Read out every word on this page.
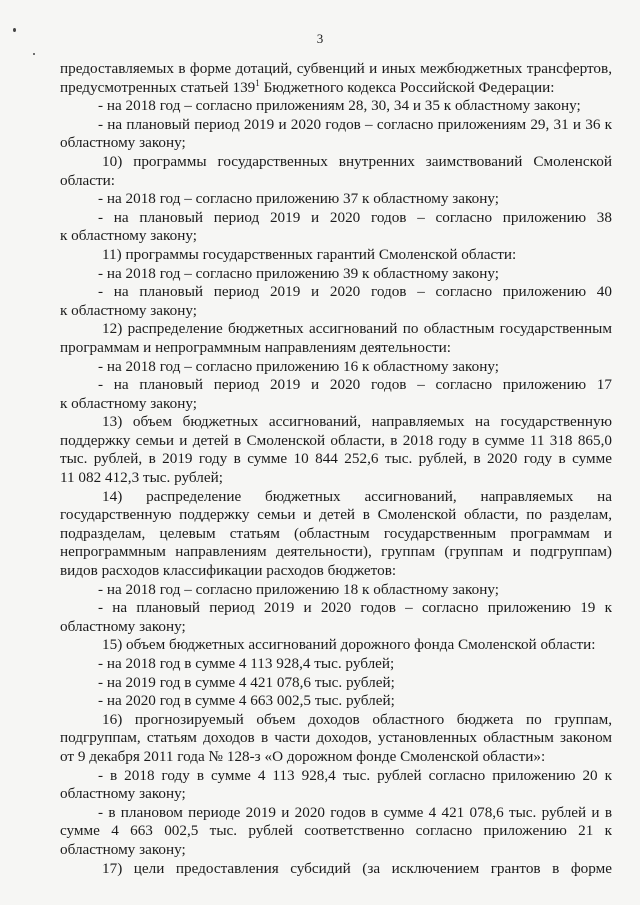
3
предоставляемых в форме дотаций, субвенций и иных межбюджетных трансфертов,
предусмотренных статьей $139^1$ Бюджетного кодекса Российской Федерации:
- на 2018 год – согласно приложениям 28, 30, 34 и 35 к областному закону;
- на плановый период 2019 и 2020 годов – согласно приложениям 29, 31 и 36 к
областному закону;
10) программы государственных внутренних заимствований Смоленской
области:
- на 2018 год – согласно приложению 37 к областному закону;
- на плановый период 2019 и 2020 годов – согласно приложению 38
к областному закону;
11) программы государственных гарантий Смоленской области:
- на 2018 год – согласно приложению 39 к областному закону;
- на плановый период 2019 и 2020 годов – согласно приложению 40
к областному закону;
12) распределение бюджетных ассигнований по областным государственным
программам и непрограммным направлениям деятельности:
- на 2018 год – согласно приложению 16 к областному закону;
- на плановый период 2019 и 2020 годов – согласно приложению 17
к областному закону;
13) объем бюджетных ассигнований, направляемых на государственную
поддержку семьи и детей в Смоленской области, в 2018 году в сумме 11 318 865,0
тыс. рублей, в 2019 году в сумме 10 844 252,6 тыс. рублей, в 2020 году в сумме
11 082 412,3 тыс. рублей;
14) распределение бюджетных ассигнований, направляемых на
государственную поддержку семьи и детей в Смоленской области, по разделам,
подразделам, целевым статьям (областным государственным программам и
непрограммным направлениям деятельности), группам (группам и подгруппам)
видов расходов классификации расходов бюджетов:
- на 2018 год – согласно приложению 18 к областному закону;
- на плановый период 2019 и 2020 годов – согласно приложению 19 к
областному закону;
15) объем бюджетных ассигнований дорожного фонда Смоленской области:
- на 2018 год в сумме 4 113 928,4 тыс. рублей;
- на 2019 год в сумме 4 421 078,6 тыс. рублей;
- на 2020 год в сумме 4 663 002,5 тыс. рублей;
16) прогнозируемый объем доходов областного бюджета по группам,
подгруппам, статьям доходов в части доходов, установленных областным законом
от 9 декабря 2011 года № 128-з «О дорожном фонде Смоленской области»:
- в 2018 году в сумме 4 113 928,4 тыс. рублей согласно приложению 20 к
областному закону;
- в плановом периоде 2019 и 2020 годов в сумме 4 421 078,6 тыс. рублей и в
сумме 4 663 002,5 тыс. рублей соответственно согласно приложению 21 к
областному закону;
17) цели предоставления субсидий (за исключением грантов в форме
